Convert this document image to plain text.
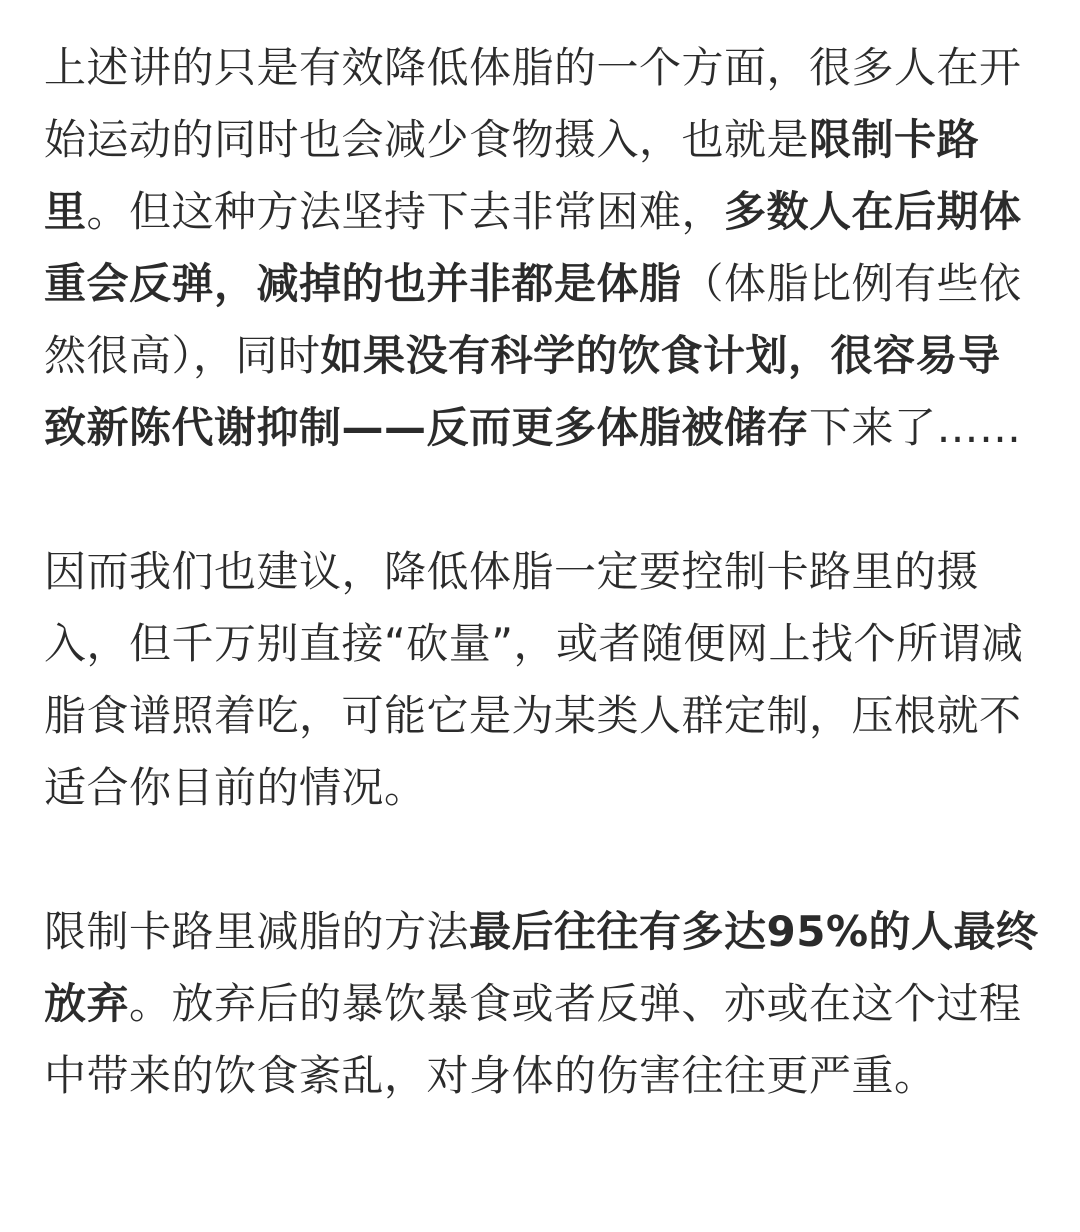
上述讲的只是有效降低体脂的一个方面，很多人在开始运动的同时也会减少食物摄入，也就是限制卡路里。但这种方法坚持下去非常困难，多数人在后期体重会反弹，减掉的也并非都是体脂（体脂比例有些依然很高），同时如果没有科学的饮食计划，很容易导致新陈代谢抑制——反而更多体脂被储存下来了……

因而我们也建议，降低体脂一定要控制卡路里的摄入，但千万别直接“砍量”，或者随便网上找个所谓减脂食谱照着吃，可能它是为某类人群定制，压根就不适合你目前的情况。

限制卡路里减脂的方法最后往往有多达95%的人最终放弃。放弃后的暴饮暴食或者反弹、亦或在这个过程中带来的饮食紊乱，对身体的伤害往往更严重。
